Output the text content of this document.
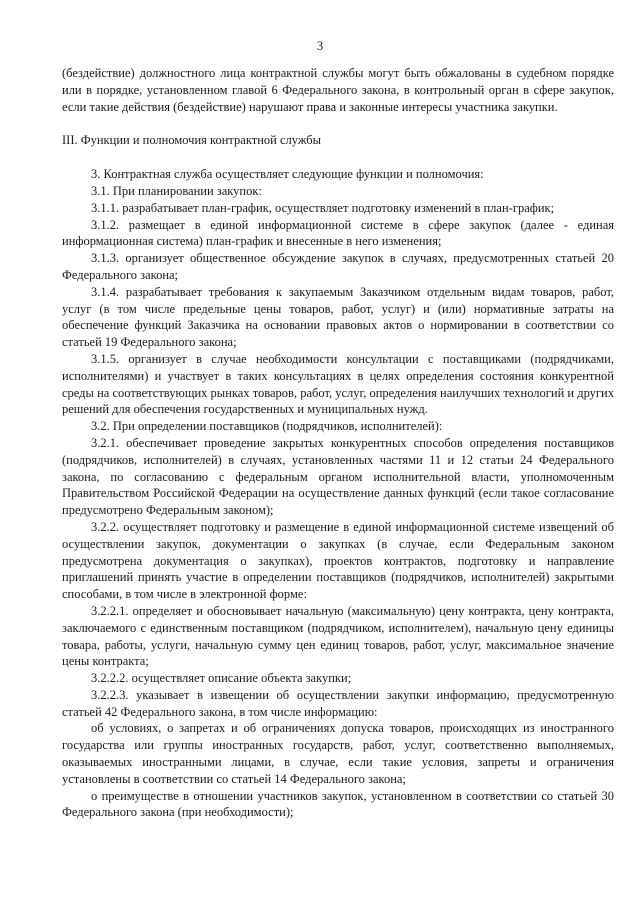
3

(бездействие) должностного лица контрактной службы могут быть обжалованы в судебном порядке или в порядке, установленном главой 6 Федерального закона, в контрольный орган в сфере закупок, если такие действия (бездействие) нарушают права и законные интересы участника закупки.

III. Функции и полномочия контрактной службы

3. Контрактная служба осуществляет следующие функции и полномочия:

3.1. При планировании закупок:

3.1.1. разрабатывает план-график, осуществляет подготовку изменений в план-график;

3.1.2. размещает в единой информационной системе в сфере закупок (далее - единая информационная система) план-график и внесенные в него изменения;

3.1.3. организует общественное обсуждение закупок в случаях, предусмотренных статьей 20 Федерального закона;

3.1.4. разрабатывает требования к закупаемым Заказчиком отдельным видам товаров, работ, услуг (в том числе предельные цены товаров, работ, услуг) и (или) нормативные затраты на обеспечение функций Заказчика на основании правовых актов о нормировании в соответствии со статьей 19 Федерального закона;

3.1.5. организует в случае необходимости консультации с поставщиками (подрядчиками, исполнителями) и участвует в таких консультациях в целях определения состояния конкурентной среды на соответствующих рынках товаров, работ, услуг, определения наилучших технологий и других решений для обеспечения государственных и муниципальных нужд.

3.2. При определении поставщиков (подрядчиков, исполнителей):

3.2.1. обеспечивает проведение закрытых конкурентных способов определения поставщиков (подрядчиков, исполнителей) в случаях, установленных частями 11 и 12 статьи 24 Федерального закона, по согласованию с федеральным органом исполнительной власти, уполномоченным Правительством Российской Федерации на осуществление данных функций (если такое согласование предусмотрено Федеральным законом);

3.2.2. осуществляет подготовку и размещение в единой информационной системе извещений об осуществлении закупок, документации о закупках (в случае, если Федеральным законом предусмотрена документация о закупках), проектов контрактов, подготовку и направление приглашений принять участие в определении поставщиков (подрядчиков, исполнителей) закрытыми способами, в том числе в электронной форме:

3.2.2.1. определяет и обосновывает начальную (максимальную) цену контракта, цену контракта, заключаемого с единственным поставщиком (подрядчиком, исполнителем), начальную цену единицы товара, работы, услуги, начальную сумму цен единиц товаров, работ, услуг, максимальное значение цены контракта;

3.2.2.2. осуществляет описание объекта закупки;

3.2.2.3. указывает в извещении об осуществлении закупки информацию, предусмотренную статьей 42 Федерального закона, в том числе информацию:

об условиях, о запретах и об ограничениях допуска товаров, происходящих из иностранного государства или группы иностранных государств, работ, услуг, соответственно выполняемых, оказываемых иностранными лицами, в случае, если такие условия, запреты и ограничения установлены в соответствии со статьей 14 Федерального закона;

о преимуществе в отношении участников закупок, установленном в соответствии со статьей 30 Федерального закона (при необходимости);
